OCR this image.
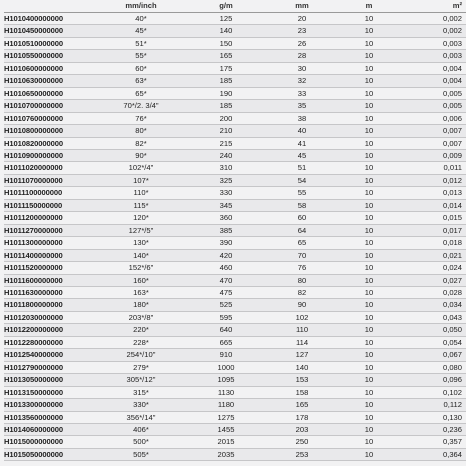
	mm/inch	g/m	mm	m	m²
H1010400000000	40*	125	20	10	0,002
H1010450000000	45*	140	23	10	0,002
H1010510000000	51*	150	26	10	0,003
H1010550000000	55*	165	28	10	0,003
H1010600000000	60*	175	30	10	0,004
H1010630000000	63*	185	32	10	0,004
H1010650000000	65*	190	33	10	0,005
H1010700000000	70*/2. 3/4"	185	35	10	0,005
H1010760000000	76*	200	38	10	0,006
H1010800000000	80*	210	40	10	0,007
H1010820000000	82*	215	41	10	0,007
H1010900000000	90*	240	45	10	0,009
H1011020000000	102*/4"	310	51	10	0,011
H1011070000000	107*	325	54	10	0,012
H1011100000000	110*	330	55	10	0,013
H1011150000000	115*	345	58	10	0,014
H1011200000000	120*	360	60	10	0,015
H1011270000000	127*/5"	385	64	10	0,017
H1011300000000	130*	390	65	10	0,018
H1011400000000	140*	420	70	10	0,021
H1011520000000	152*/6"	460	76	10	0,024
H1011600000000	160*	470	80	10	0,027
H1011630000000	163*	475	82	10	0,028
H1011800000000	180*	525	90	10	0,034
H1012030000000	203*/8"	595	102	10	0,043
H1012200000000	220*	640	110	10	0,050
H1012280000000	228*	665	114	10	0,054
H1012540000000	254*/10"	910	127	10	0,067
H1012790000000	279*	1000	140	10	0,080
H1013050000000	305*/12"	1095	153	10	0,096
H1013150000000	315*	1130	158	10	0,102
H1013300000000	330*	1180	165	10	0,112
H1013560000000	356*/14"	1275	178	10	0,130
H1014060000000	406*	1455	203	10	0,236
H1015000000000	500*	2015	250	10	0,357
H1015050000000	505*	2035	253	10	0,364
